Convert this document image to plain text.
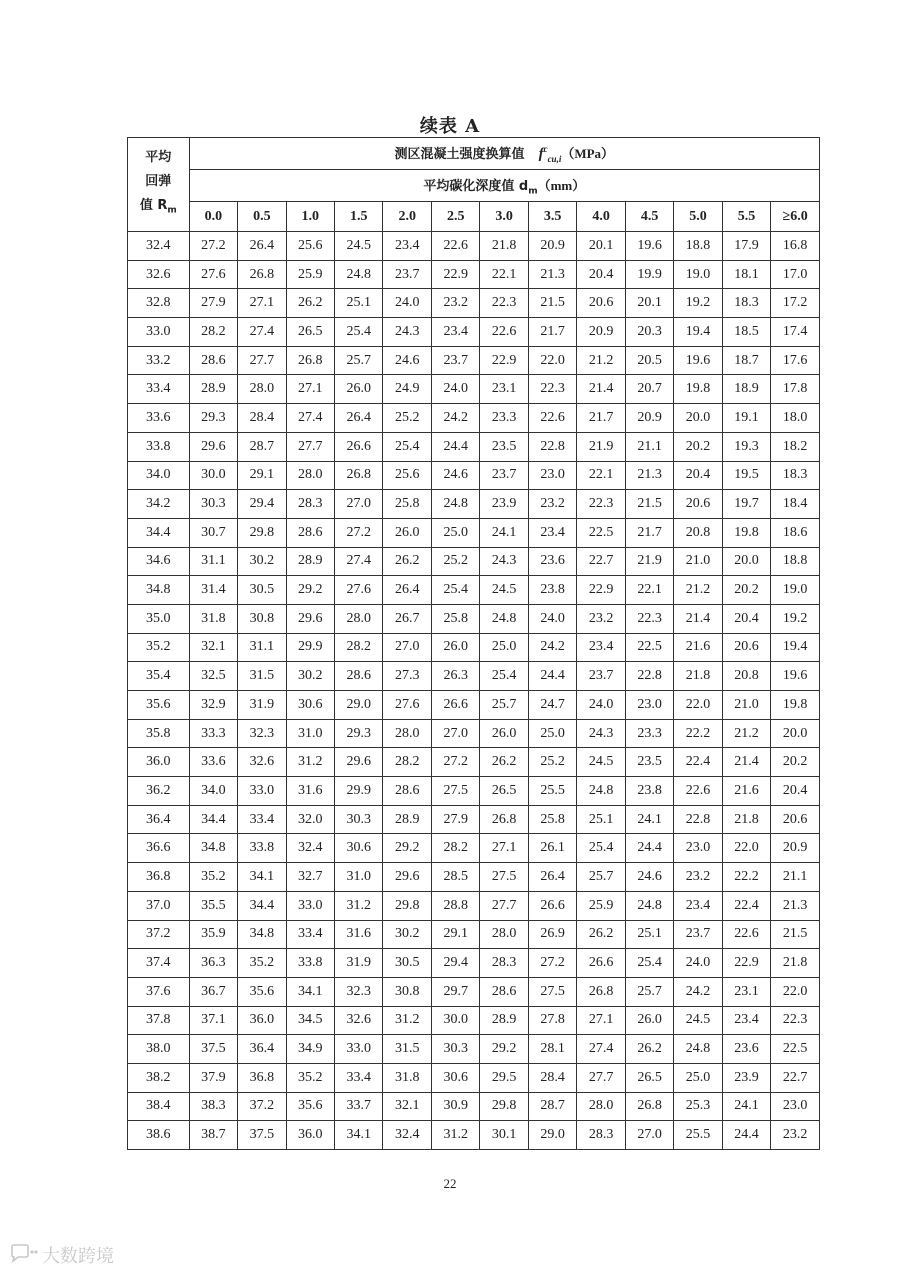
续表 A
平均
回弹
值 $R_m$	测区混凝土强度换算值 $f^c_{cu,i}(MPa)$												
	平均碳化深度值 $d_m(mm)$												
	0.0	0.5	1.0	1.5	2.0	2.5	3.0	3.5	4.0	4.5	5.0	5.5	≥6.0
32.4	27.2	26.4	25.6	24.5	23.4	22.6	21.8	20.9	20.1	19.6	18.8	17.9	16.8
32.6	27.6	26.8	25.9	24.8	23.7	22.9	22.1	21.3	20.4	19.9	19.0	18.1	17.0
32.8	27.9	27.1	26.2	25.1	24.0	23.2	22.3	21.5	20.6	20.1	19.2	18.3	17.2
33.0	28.2	27.4	26.5	25.4	24.3	23.4	22.6	21.7	20.9	20.3	19.4	18.5	17.4
33.2	28.6	27.7	26.8	25.7	24.6	23.7	22.9	22.0	21.2	20.5	19.6	18.7	17.6
33.4	28.9	28.0	27.1	26.0	24.9	24.0	23.1	22.3	21.4	20.7	19.8	18.9	17.8
33.6	29.3	28.4	27.4	26.4	25.2	24.2	23.3	22.6	21.7	20.9	20.0	19.1	18.0
33.8	29.6	28.7	27.7	26.6	25.4	24.4	23.5	22.8	21.9	21.1	20.2	19.3	18.2
34.0	30.0	29.1	28.0	26.8	25.6	24.6	23.7	23.0	22.1	21.3	20.4	19.5	18.3
34.2	30.3	29.4	28.3	27.0	25.8	24.8	23.9	23.2	22.3	21.5	20.6	19.7	18.4
34.4	30.7	29.8	28.6	27.2	26.0	25.0	24.1	23.4	22.5	21.7	20.8	19.8	18.6
34.6	31.1	30.2	28.9	27.4	26.2	25.2	24.3	23.6	22.7	21.9	21.0	20.0	18.8
34.8	31.4	30.5	29.2	27.6	26.4	25.4	24.5	23.8	22.9	22.1	21.2	20.2	19.0
35.0	31.8	30.8	29.6	28.0	26.7	25.8	24.8	24.0	23.2	22.3	21.4	20.4	19.2
35.2	32.1	31.1	29.9	28.2	27.0	26.0	25.0	24.2	23.4	22.5	21.6	20.6	19.4
35.4	32.5	31.5	30.2	28.6	27.3	26.3	25.4	24.4	23.7	22.8	21.8	20.8	19.6
35.6	32.9	31.9	30.6	29.0	27.6	26.6	25.7	24.7	24.0	23.0	22.0	21.0	19.8
35.8	33.3	32.3	31.0	29.3	28.0	27.0	26.0	25.0	24.3	23.3	22.2	21.2	20.0
36.0	33.6	32.6	31.2	29.6	28.2	27.2	26.2	25.2	24.5	23.5	22.4	21.4	20.2
36.2	34.0	33.0	31.6	29.9	28.6	27.5	26.5	25.5	24.8	23.8	22.6	21.6	20.4
36.4	34.4	33.4	32.0	30.3	28.9	27.9	26.8	25.8	25.1	24.1	22.8	21.8	20.6
36.6	34.8	33.8	32.4	30.6	29.2	28.2	27.1	26.1	25.4	24.4	23.0	22.0	20.9
36.8	35.2	34.1	32.7	31.0	29.6	28.5	27.5	26.4	25.7	24.6	23.2	22.2	21.1
37.0	35.5	34.4	33.0	31.2	29.8	28.8	27.7	26.6	25.9	24.8	23.4	22.4	21.3
37.2	35.9	34.8	33.4	31.6	30.2	29.1	28.0	26.9	26.2	25.1	23.7	22.6	21.5
37.4	36.3	35.2	33.8	31.9	30.5	29.4	28.3	27.2	26.6	25.4	24.0	22.9	21.8
37.6	36.7	35.6	34.1	32.3	30.8	29.7	28.6	27.5	26.8	25.7	24.2	23.1	22.0
37.8	37.1	36.0	34.5	32.6	31.2	30.0	28.9	27.8	27.1	26.0	24.5	23.4	22.3
38.0	37.5	36.4	34.9	33.0	31.5	30.3	29.2	28.1	27.4	26.2	24.8	23.6	22.5
38.2	37.9	36.8	35.2	33.4	31.8	30.6	29.5	28.4	27.7	26.5	25.0	23.9	22.7
38.4	38.3	37.2	35.6	33.7	32.1	30.9	29.8	28.7	28.0	26.8	25.3	24.1	23.0
38.6	38.7	37.5	36.0	34.1	32.4	31.2	30.1	29.0	28.3	27.0	25.5	24.4	23.2
22
大数跨境
